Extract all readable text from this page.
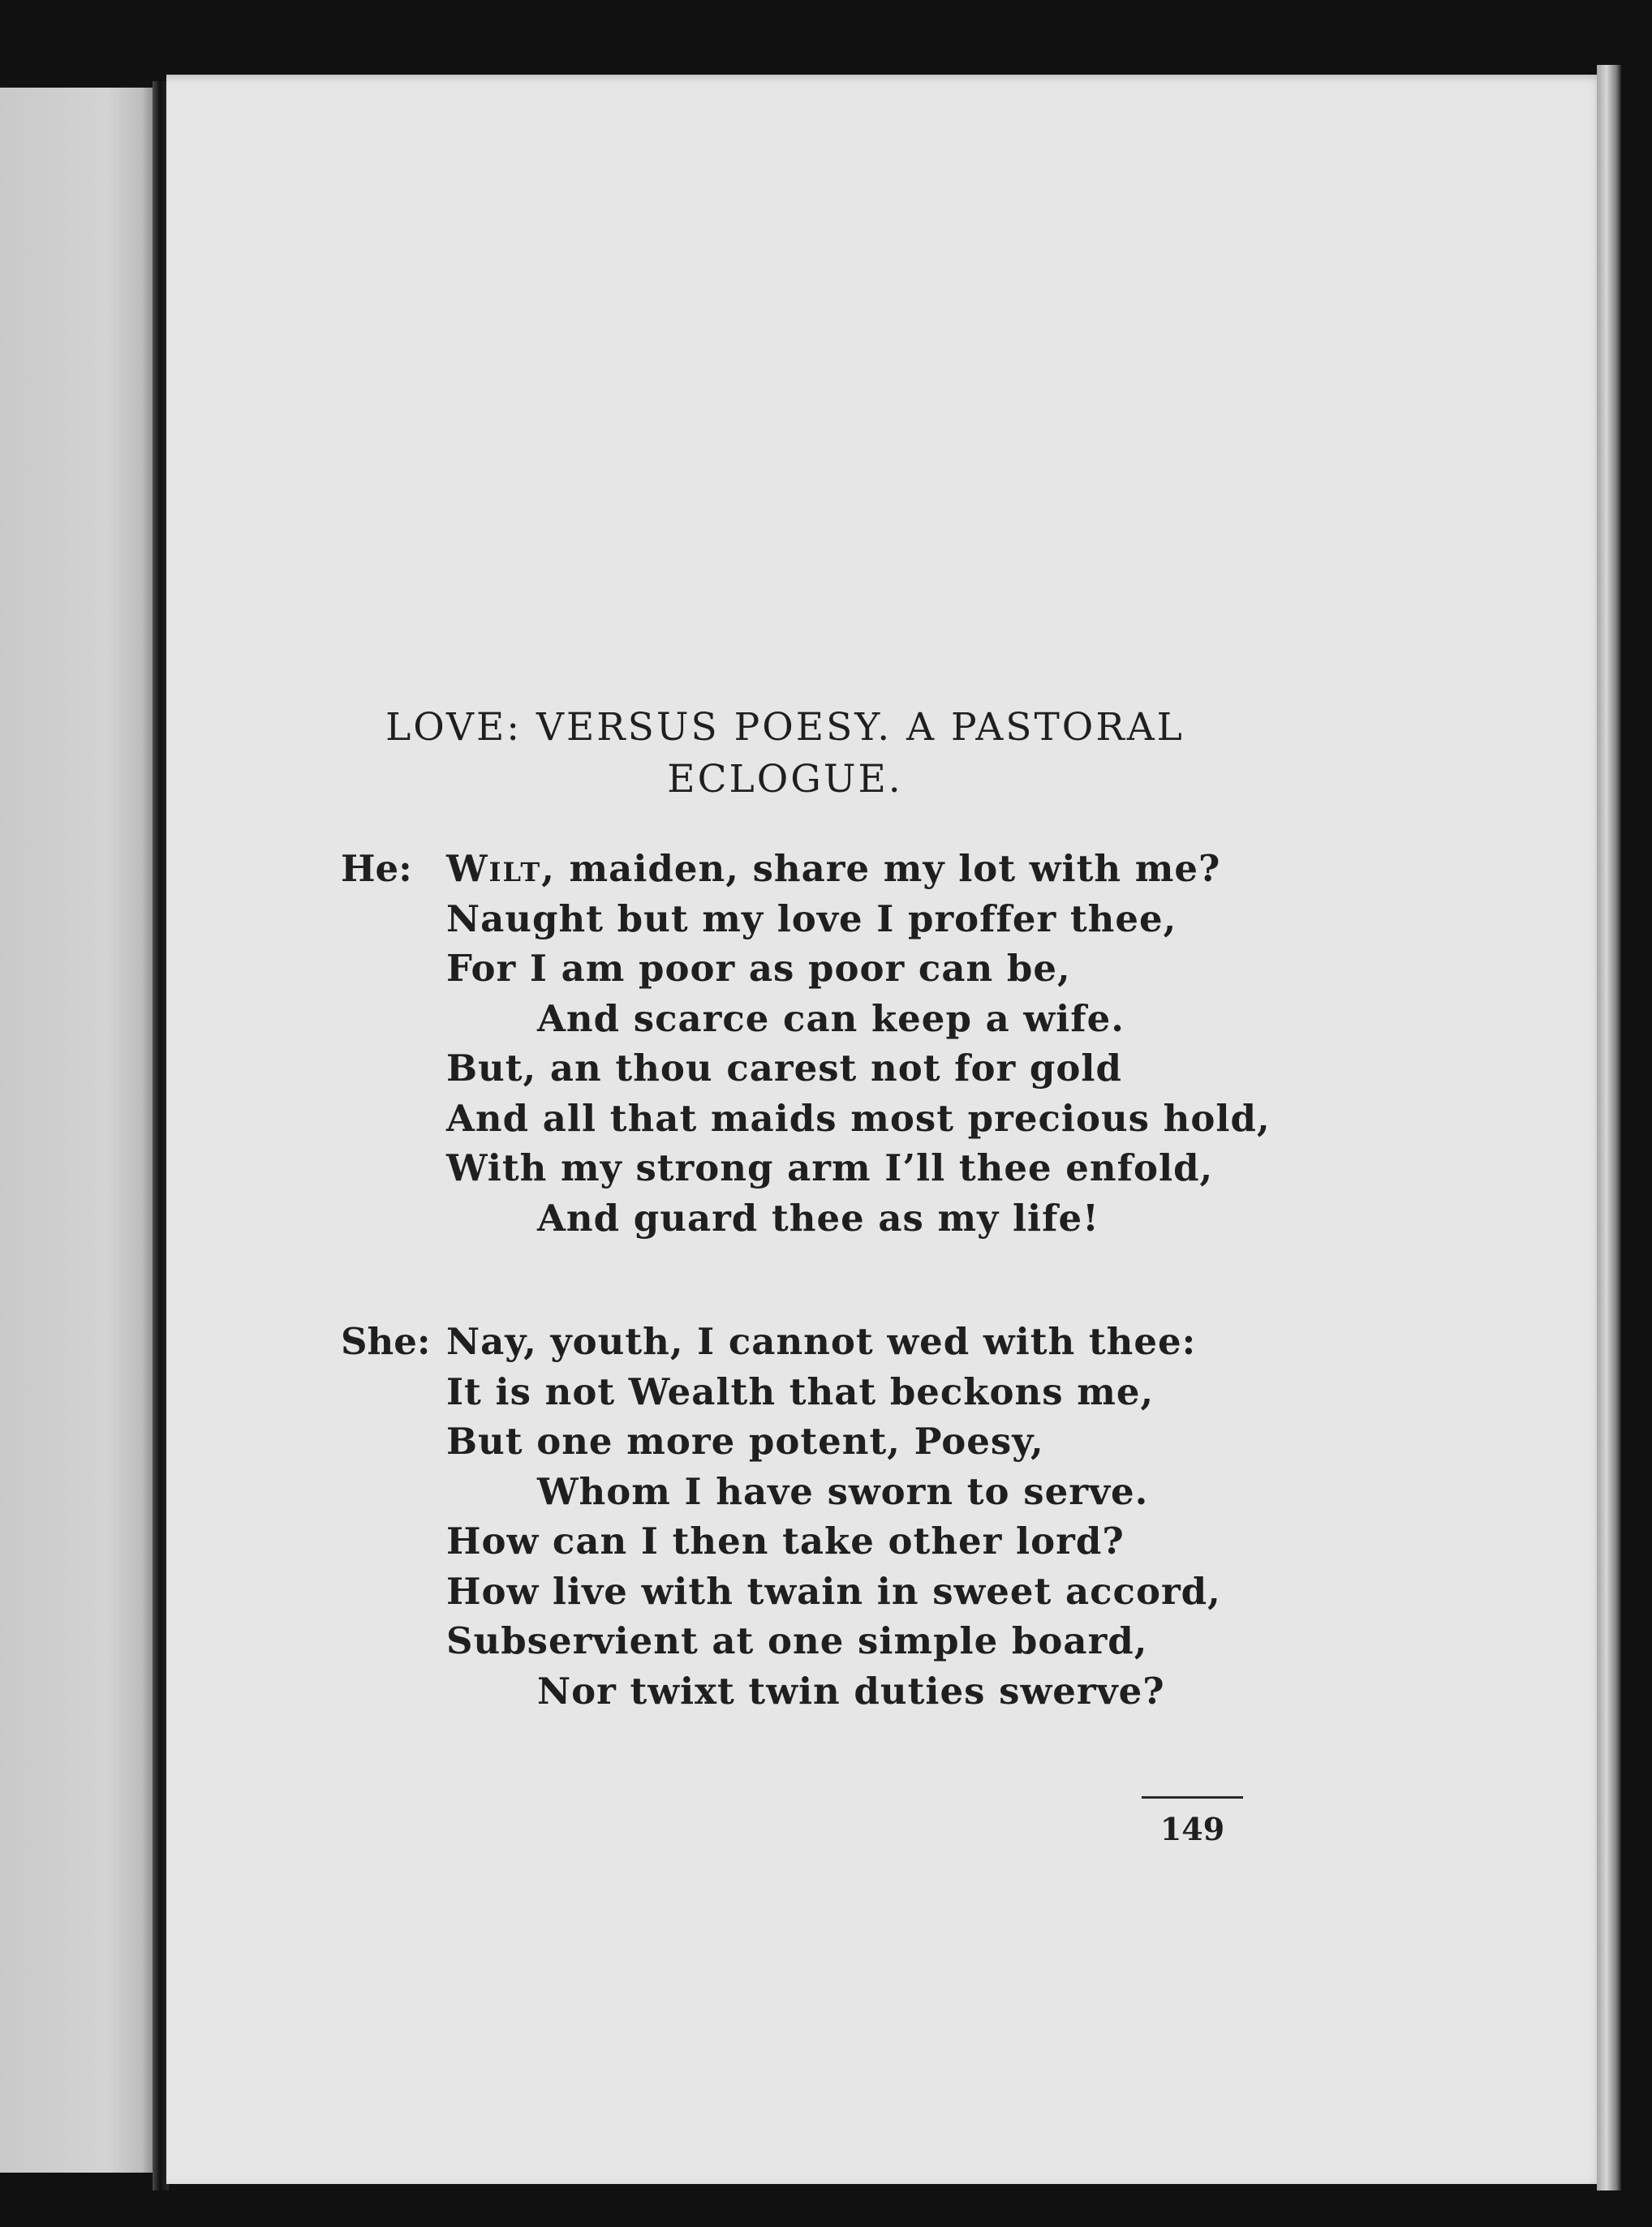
LOVE: VERSUS POESY. A PASTORAL
ECLOGUE.
He: Wilt, maiden, share my lot with me?
Naught but my love I proffer thee,
For I am poor as poor can be,
And scarce can keep a wife.
But, an thou carest not for gold
And all that maids most precious hold,
With my strong arm I’ll thee enfold,
And guard thee as my life!
She: Nay, youth, I cannot wed with thee:
It is not Wealth that beckons me,
But one more potent, Poesy,
Whom I have sworn to serve.
How can I then take other lord?
How live with twain in sweet accord,
Subservient at one simple board,
Nor twixt twin duties swerve?
149
